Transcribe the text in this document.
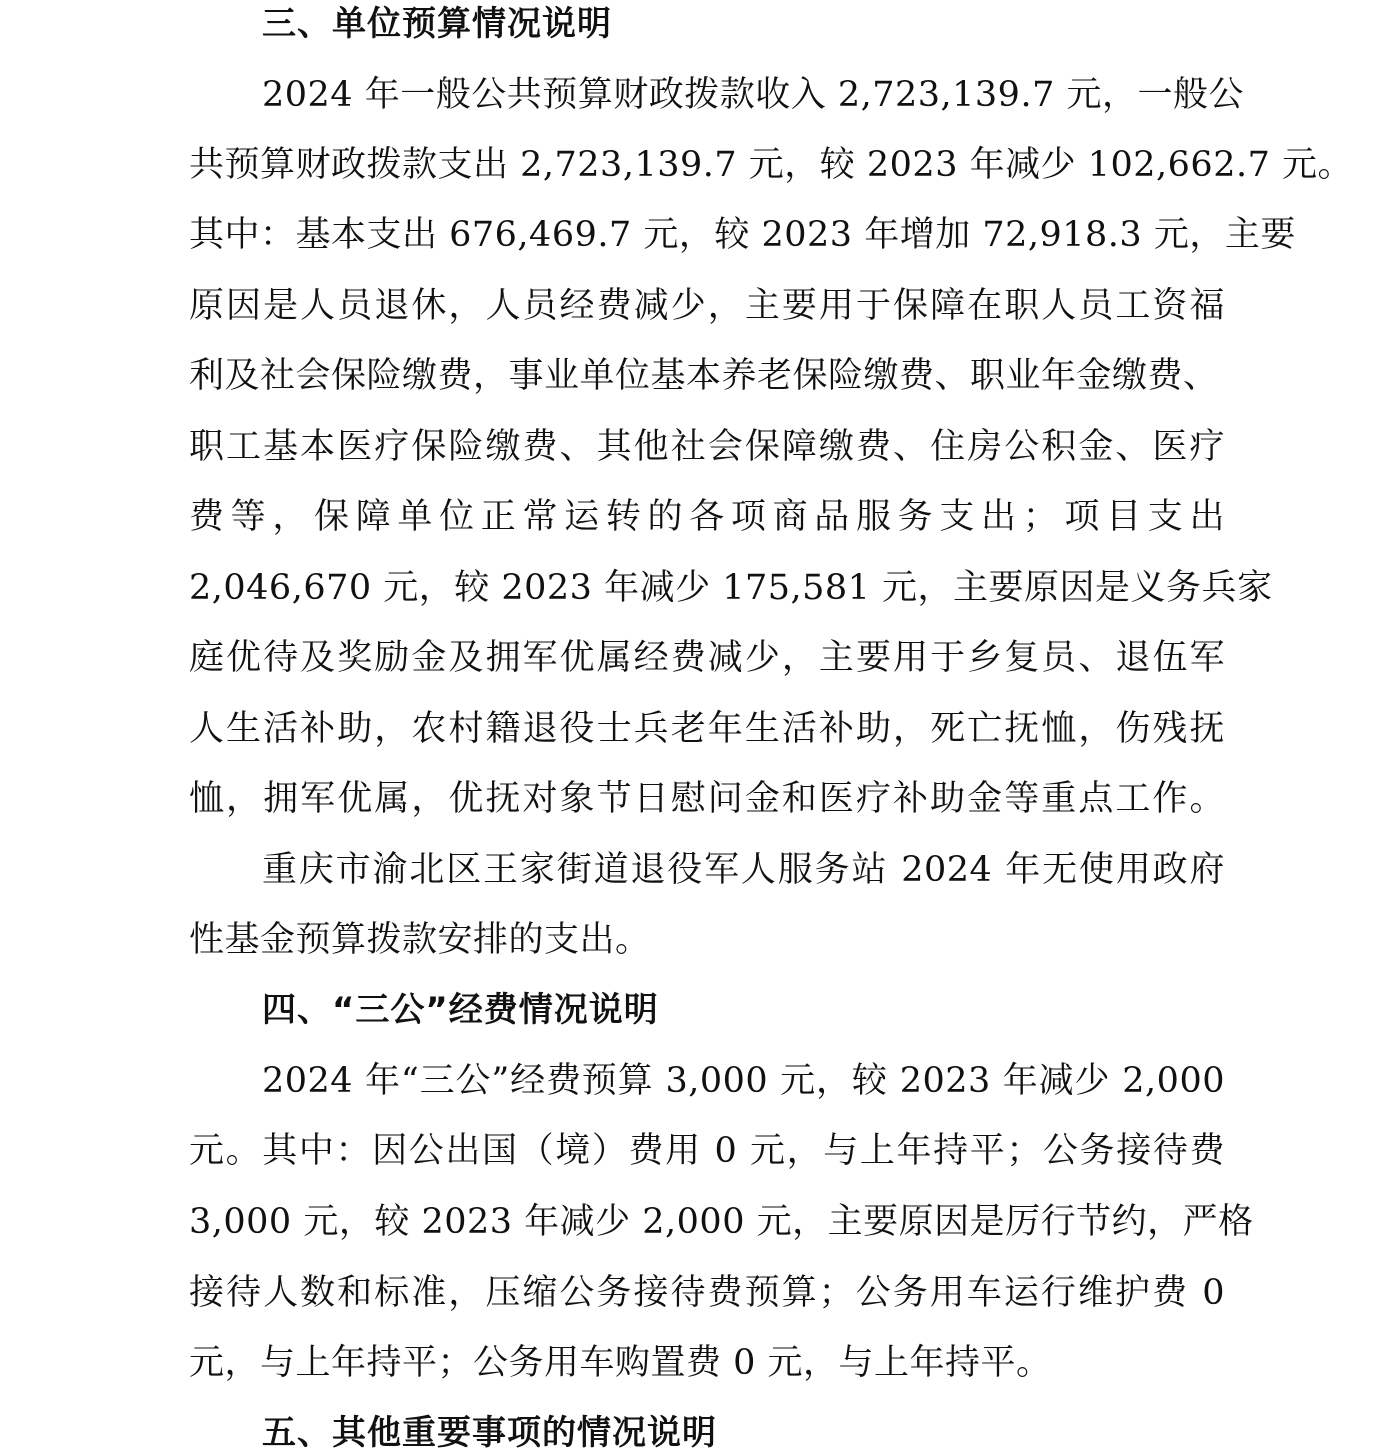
三、单位预算情况说明
2024 年一般公共预算财政拨款收入 2,723,139.7 元，一般公
共预算财政拨款支出 2,723,139.7 元，较 2023 年减少 102,662.7 元。
其中：基本支出 676,469.7 元，较 2023 年增加 72,918.3 元，主要
原因是人员退休，人员经费减少，主要用于保障在职人员工资福
利及社会保险缴费，事业单位基本养老保险缴费、职业年金缴费、
职工基本医疗保险缴费、其他社会保障缴费、住房公积金、医疗
费等，保障单位正常运转的各项商品服务支出；项目支出
2,046,670 元，较 2023 年减少 175,581 元，主要原因是义务兵家
庭优待及奖励金及拥军优属经费减少，主要用于乡复员、退伍军
人生活补助，农村籍退役士兵老年生活补助，死亡抚恤，伤残抚
恤，拥军优属，优抚对象节日慰问金和医疗补助金等重点工作。
重庆市渝北区王家街道退役军人服务站 2024 年无使用政府
性基金预算拨款安排的支出。
四、“三公”经费情况说明
2024 年“三公”经费预算 3,000 元，较 2023 年减少 2,000
元。其中：因公出国（境）费用 0 元，与上年持平；公务接待费
3,000 元，较 2023 年减少 2,000 元，主要原因是厉行节约，严格
接待人数和标准，压缩公务接待费预算；公务用车运行维护费 0
元，与上年持平；公务用车购置费 0 元，与上年持平。
五、其他重要事项的情况说明
